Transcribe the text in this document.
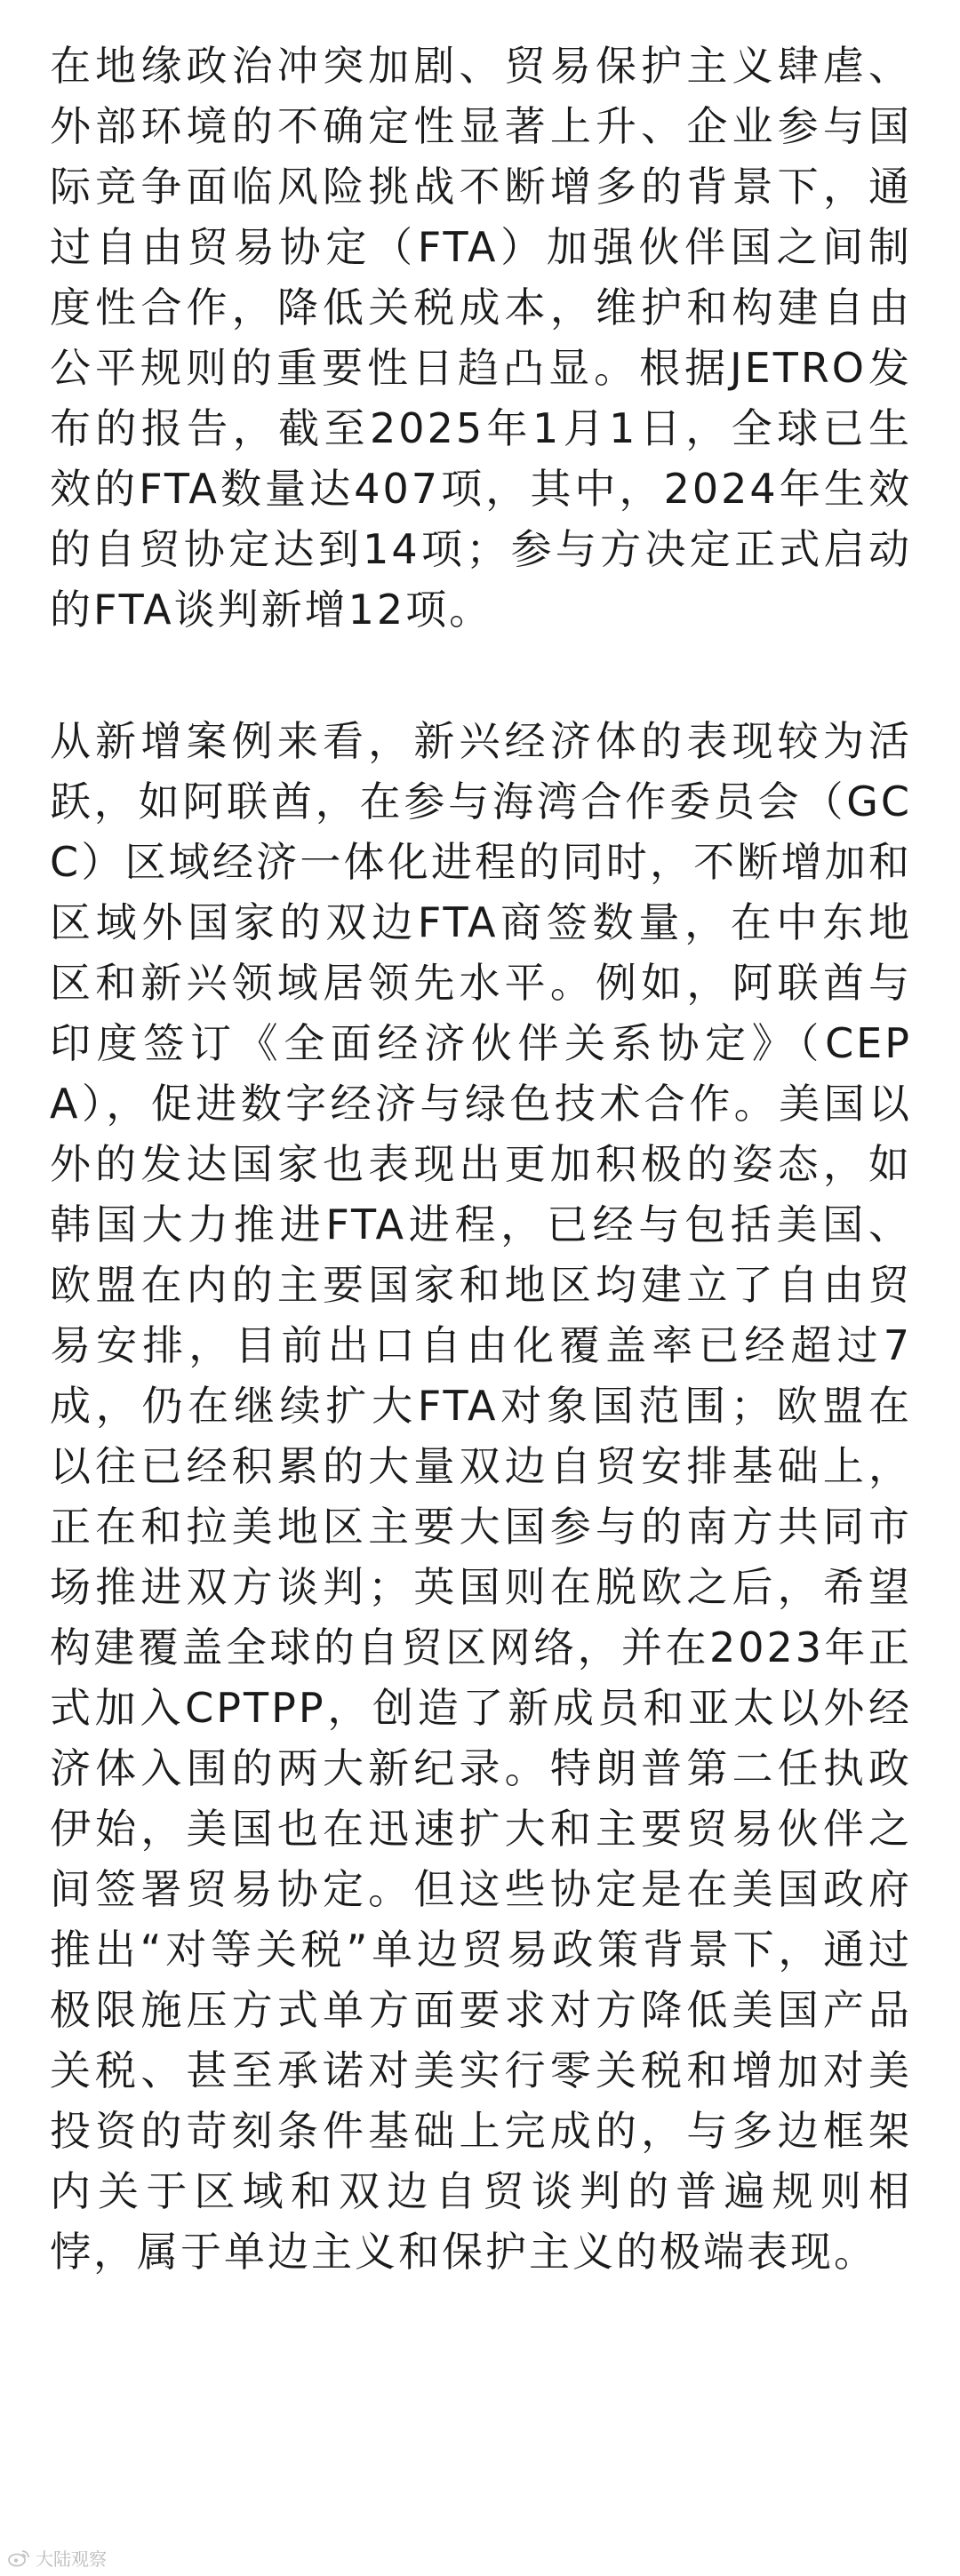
在地缘政治冲突加剧、贸易保护主义肆虐、外部环境的不确定性显著上升、企业参与国际竞争面临风险挑战不断增多的背景下，通过自由贸易协定（FTA）加强伙伴国之间制度性合作，降低关税成本，维护和构建自由公平规则的重要性日趋凸显。根据JETRO发布的报告，截至2025年1月1日，全球已生效的FTA数量达407项，其中，2024年生效的自贸协定达到14项；参与方决定正式启动的FTA谈判新增12项。

从新增案例来看，新兴经济体的表现较为活跃，如阿联酋，在参与海湾合作委员会（GCC）区域经济一体化进程的同时，不断增加和区域外国家的双边FTA商签数量，在中东地区和新兴领域居领先水平。例如，阿联酋与印度签订《全面经济伙伴关系协定》（CEPA），促进数字经济与绿色技术合作。美国以外的发达国家也表现出更加积极的姿态，如韩国大力推进FTA进程，已经与包括美国、欧盟在内的主要国家和地区均建立了自由贸易安排，目前出口自由化覆盖率已经超过7成，仍在继续扩大FTA对象国范围；欧盟在以往已经积累的大量双边自贸安排基础上，正在和拉美地区主要大国参与的南方共同市场推进双方谈判；英国则在脱欧之后，希望构建覆盖全球的自贸区网络，并在2023年正式加入CPTPP，创造了新成员和亚太以外经济体入围的两大新纪录。特朗普第二任执政伊始，美国也在迅速扩大和主要贸易伙伴之间签署贸易协定。但这些协定是在美国政府推出“对等关税”单边贸易政策背景下，通过极限施压方式单方面要求对方降低美国产品关税、甚至承诺对美实行零关税和增加对美投资的苛刻条件基础上完成的，与多边框架内关于区域和双边自贸谈判的普遍规则相悖，属于单边主义和保护主义的极端表现。

大陆观察
